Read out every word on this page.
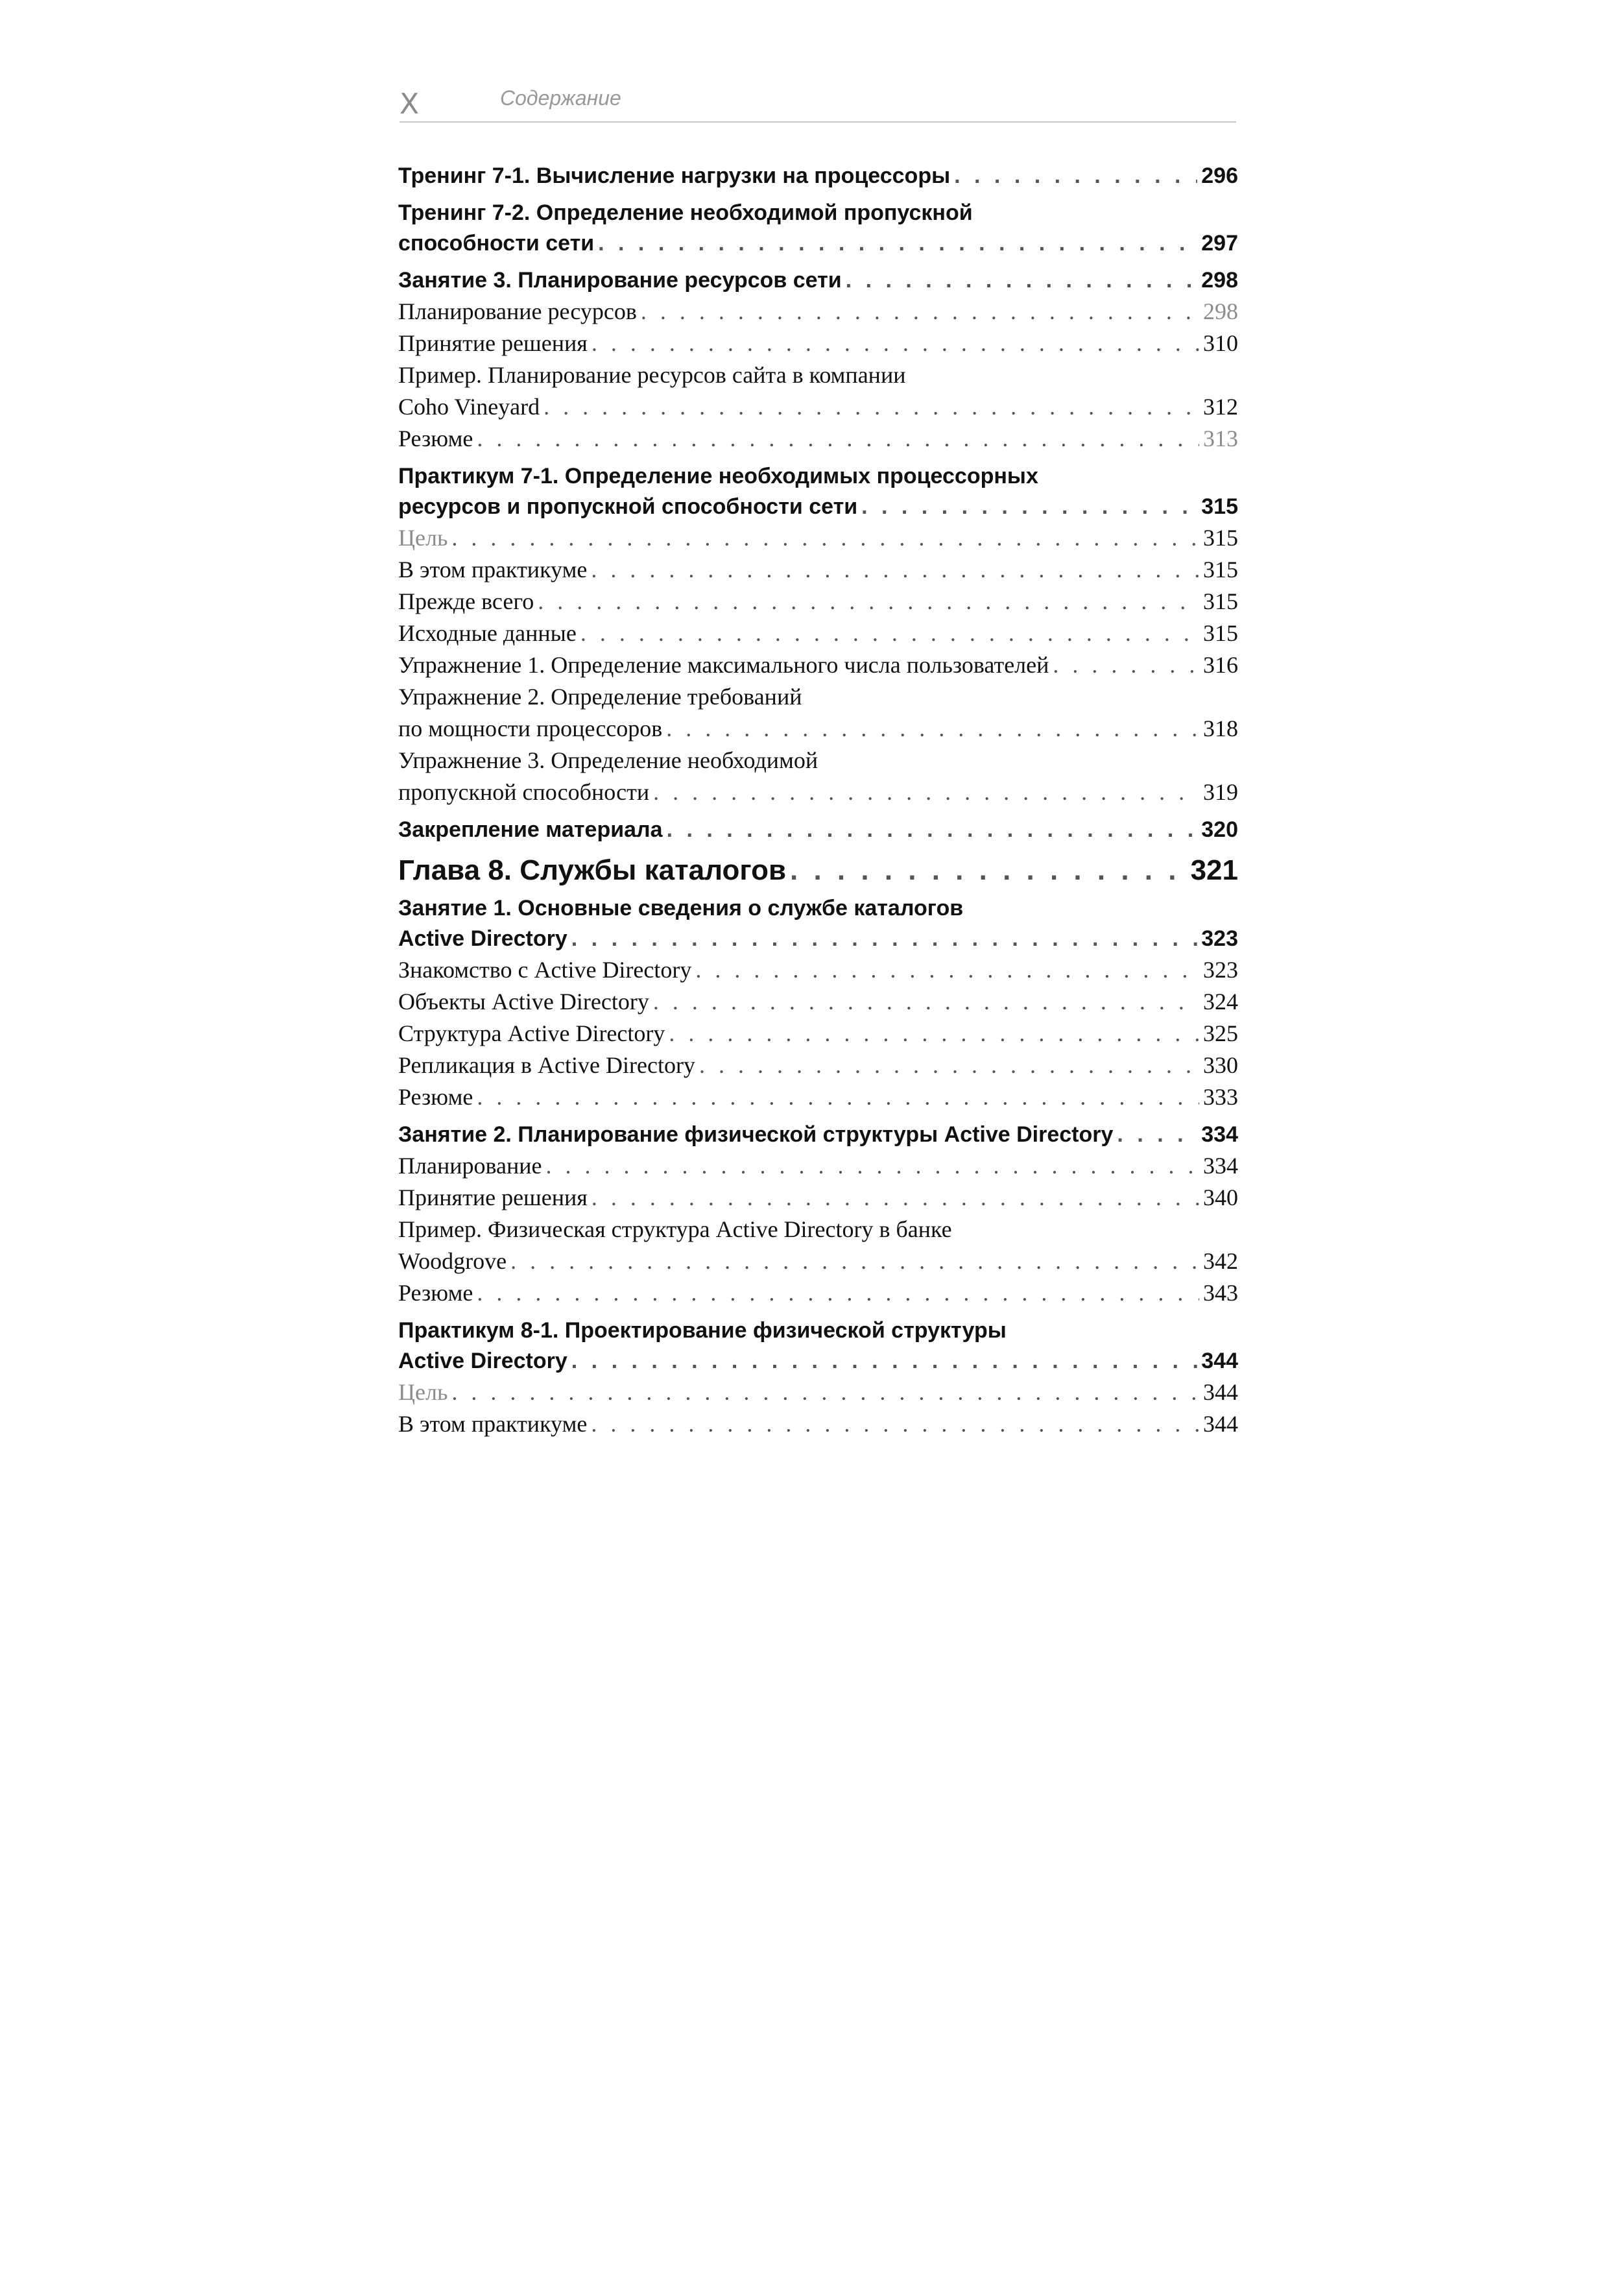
X	Содержание
Тренинг 7-1. Вычисление нагрузки на процессоры . . .	296
Тренинг 7-2. Определение необходимой пропускной
способности сети . . .	297
Занятие 3. Планирование ресурсов сети . . .	298
Планирование ресурсов . . .	298
Принятие решения . . .	310
Пример. Планирование ресурсов сайта в компании
Coho Vineyard . . .	312
Резюме . . .	313
Практикум 7-1. Определение необходимых процессорных
ресурсов и пропускной способности сети . . .	315
Цель . . .	315
В этом практикуме . . .	315
Прежде всего . . .	315
Исходные данные . . .	315
Упражнение 1. Определение максимального числа пользователей . . .	316
Упражнение 2. Определение требований
по мощности процессоров . . .	318
Упражнение 3. Определение необходимой
пропускной способности . . .	319
Закрепление материала . . .	320
Глава 8. Службы каталогов . . .	321
Занятие 1. Основные сведения о службе каталогов
Active Directory . . .	323
Знакомство с Active Directory . . .	323
Объекты Active Directory . . .	324
Структура Active Directory . . .	325
Репликация в Active Directory . . .	330
Резюме . . .	333
Занятие 2. Планирование физической структуры Active Directory . . .	334
Планирование . . .	334
Принятие решения . . .	340
Пример. Физическая структура Active Directory в банке
Woodgrove . . .	342
Резюме . . .	343
Практикум 8-1. Проектирование физической структуры
Active Directory . . .	344
Цель . . .	344
В этом практикуме . . .	344
